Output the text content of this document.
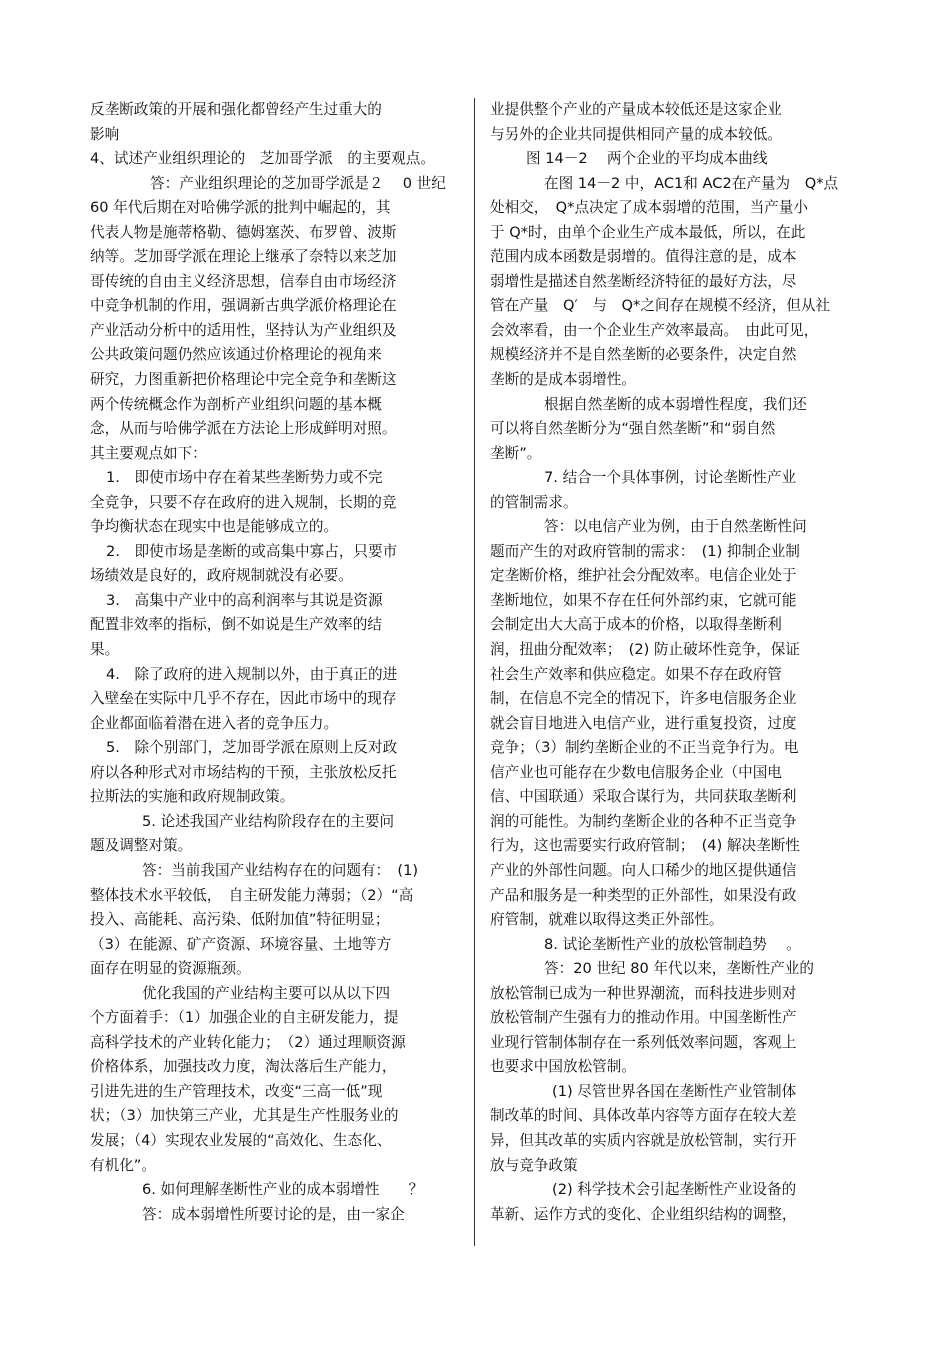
反垄断政策的开展和强化都曾经产生过重大的
影响
4、试述产业组织理论的　芝加哥学派　的主要观点。
答：产业组织理论的芝加哥学派是２　 0 世纪
60 年代后期在对哈佛学派的批判中崛起的，其
代表人物是施蒂格勒、德姆塞茨、布罗曾、波斯
纳等。芝加哥学派在理论上继承了奈特以来芝加
哥传统的自由主义经济思想，信奉自由市场经济
中竞争机制的作用，强调新古典学派价格理论在
产业活动分析中的适用性，坚持认为产业组织及
公共政策问题仍然应该通过价格理论的视角来
研究，力图重新把价格理论中完全竞争和垄断这
两个传统概念作为剖析产业组织问题的基本概
念，从而与哈佛学派在方法论上形成鲜明对照。
其主要观点如下：
1.　即使市场中存在着某些垄断势力或不完
全竞争，只要不存在政府的进入规制，长期的竞
争均衡状态在现实中也是能够成立的。
2.　即使市场是垄断的或高集中寡占，只要市
场绩效是良好的，政府规制就没有必要。
3.　高集中产业中的高利润率与其说是资源
配置非效率的指标，倒不如说是生产效率的结
果。
4.　除了政府的进入规制以外，由于真正的进
入壁垒在实际中几乎不存在，因此市场中的现存
企业都面临着潜在进入者的竞争压力。
5.　除个别部门，芝加哥学派在原则上反对政
府以各种形式对市场结构的干预，主张放松反托
拉斯法的实施和政府规制政策。
5. 论述我国产业结构阶段存在的主要问
题及调整对策。
答：当前我国产业结构存在的问题有：　(1)
整体技术水平较低，　自主研发能力薄弱；（2）“高
投入、高能耗、高污染、低附加值”特征明显；
（3）在能源、矿产资源、环境容量、土地等方
面存在明显的资源瓶颈。
优化我国的产业结构主要可以从以下四
个方面着手：（1）加强企业的自主研发能力，提
高科学技术的产业转化能力；　（2）通过理顺资源
价格体系，加强技改力度，淘汰落后生产能力，
引进先进的生产管理技术，改变“三高一低”现
状；（3）加快第三产业，尤其是生产性服务业的
发展；（4）实现农业发展的“高效化、生态化、
有机化”。
6. 如何理解垄断性产业的成本弱增性　　？
答：成本弱增性所要讨论的是，由一家企
业提供整个产业的产量成本较低还是这家企业
与另外的企业共同提供相同产量的成本较低。
图 14－2　 两个企业的平均成本曲线
在图 14－2 中，AC1和 AC2在产量为　Q*点
处相交，　Q*点决定了成本弱增的范围，当产量小
于 Q*时，由单个企业生产成本最低，所以，在此
范围内成本函数是弱增的。值得注意的是，成本
弱增性是描述自然垄断经济特征的最好方法，尽
管在产量　Q′　与　Q*之间存在规模不经济，但从社
会效率看，由一个企业生产效率最高。　由此可见，
规模经济并不是自然垄断的必要条件，决定自然
垄断的是成本弱增性。
根据自然垄断的成本弱增性程度，我们还
可以将自然垄断分为“强自然垄断”和“弱自然
垄断”。
7. 结合一个具体事例，讨论垄断性产业
的管制需求。
答：以电信产业为例，由于自然垄断性问
题而产生的对政府管制的需求：　(1) 抑制企业制
定垄断价格，维护社会分配效率。电信企业处于
垄断地位，如果不存在任何外部约束，它就可能
会制定出大大高于成本的价格，以取得垄断利
润，扭曲分配效率；　(2) 防止破坏性竞争，保证
社会生产效率和供应稳定。如果不存在政府管
制，在信息不完全的情况下，许多电信服务企业
就会盲目地进入电信产业，进行重复投资，过度
竞争；（3）制约垄断企业的不正当竞争行为。电
信产业也可能存在少数电信服务企业（中国电
信、中国联通）采取合谋行为，共同获取垄断利
润的可能性。为制约垄断企业的各种不正当竞争
行为，这也需要实行政府管制；　(4) 解决垄断性
产业的外部性问题。向人口稀少的地区提供通信
产品和服务是一种类型的正外部性，如果没有政
府管制，就难以取得这类正外部性。
8. 试论垄断性产业的放松管制趋势　 。
答：20 世纪 80 年代以来，垄断性产业的
放松管制已成为一种世界潮流，而科技进步则对
放松管制产生强有力的推动作用。中国垄断性产
业现行管制体制存在一系列低效率问题，客观上
也要求中国放松管制。
(1) 尽管世界各国在垄断性产业管制体
制改革的时间、具体改革内容等方面存在较大差
异，但其改革的实质内容就是放松管制，实行开
放与竞争政策
(2) 科学技术会引起垄断性产业设备的
革新、运作方式的变化、企业组织结构的调整，
